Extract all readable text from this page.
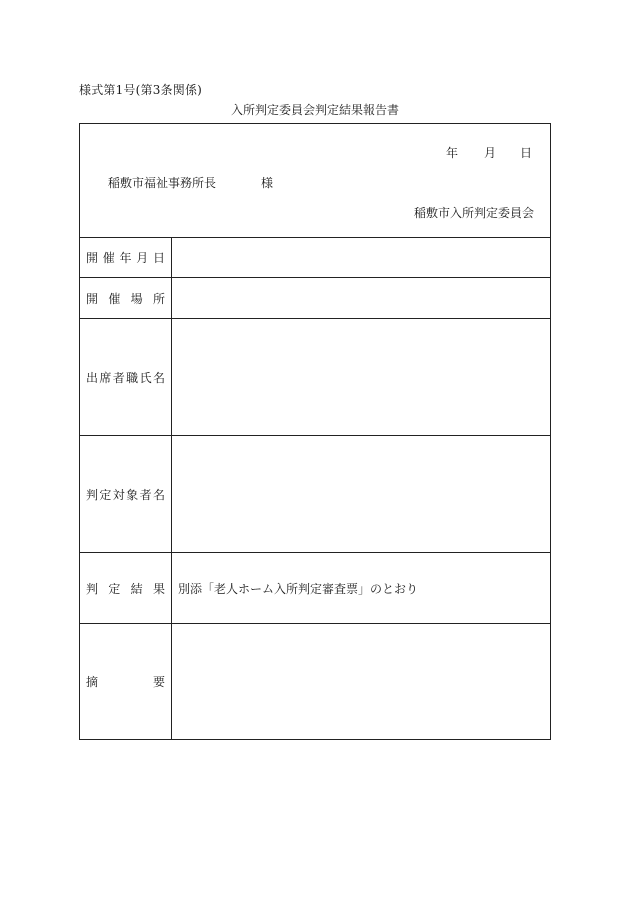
様式第1号(第3条関係)
入所判定委員会判定結果報告書
年	月	日
稲敷市福祉事務所長	様
稲敷市入所判定委員会
開 催 年 月 日
開 催 場 所
出 席 者 職 氏 名
判 定 対 象 者 名
判 定 結 果	別添「老人ホーム入所判定審査票」のとおり
摘	要
